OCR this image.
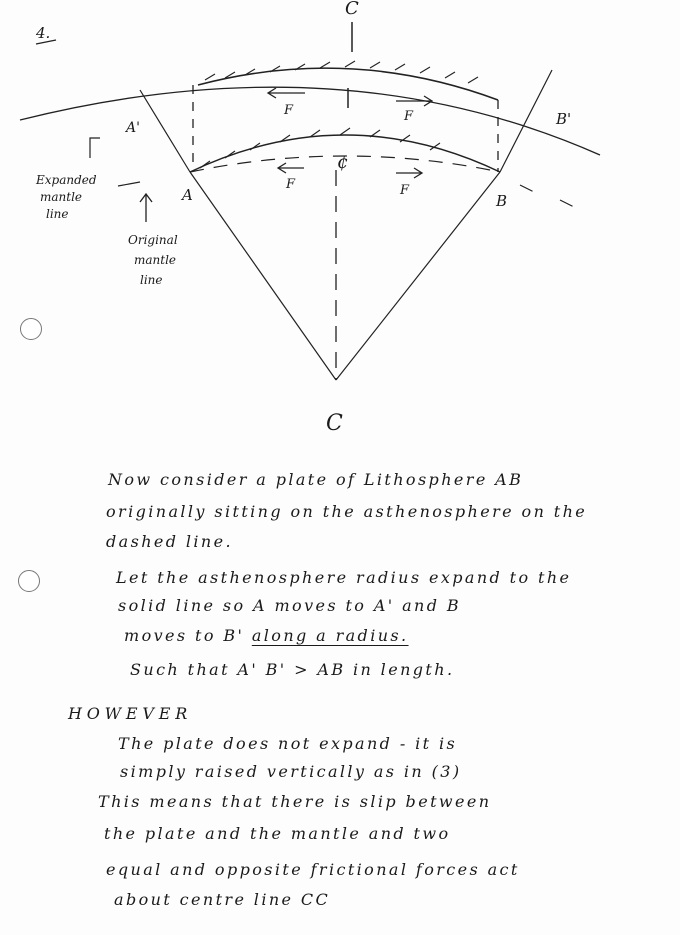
4.
C
C
A'	B'
A	B
¢
F	F
F	F
Expanded
mantle
line
Original
mantle
line
Now consider a plate of Lithosphere AB
originally sitting on the asthenosphere on the
dashed line.
Let the asthenosphere radius expand to the
solid line so A moves to A' and B
moves to B' along a radius.
Such that A' B' > AB in length.
HOWEVER
The plate does not expand - it is
simply raised vertically as in (3)
This means that there is slip between
the plate and the mantle and two
equal and opposite frictional forces act
about centre line CC
